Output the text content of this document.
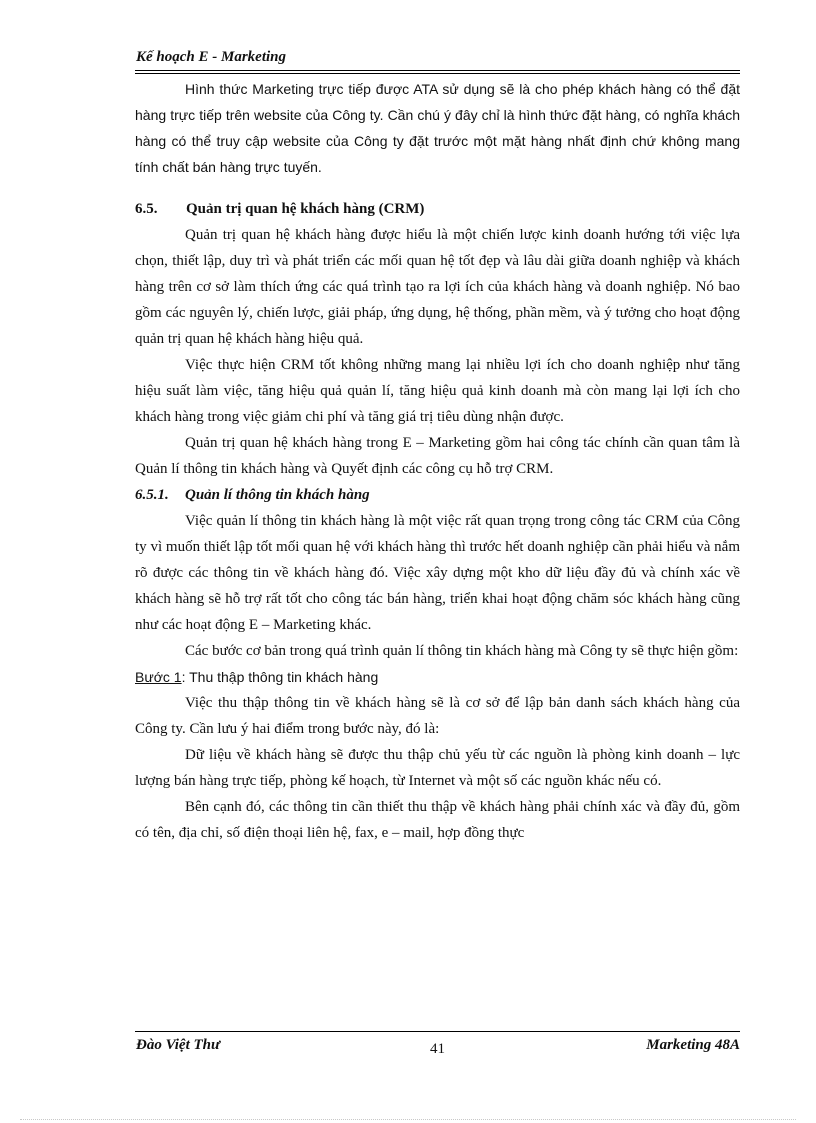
Kế hoạch E - Marketing

Hình thức Marketing trực tiếp được ATA sử dụng sẽ là cho phép khách hàng có thể đặt hàng trực tiếp trên website của Công ty. Cần chú ý đây chỉ là hình thức đặt hàng, có nghĩa khách hàng có thể truy cập website của Công ty đặt trước một mặt hàng nhất định chứ không mang tính chất bán hàng trực tuyến.

6.5. Quản trị quan hệ khách hàng (CRM)

Quản trị quan hệ khách hàng được hiểu là một chiến lược kinh doanh hướng tới việc lựa chọn, thiết lập, duy trì và phát triển các mối quan hệ tốt đẹp và lâu dài giữa doanh nghiệp và khách hàng trên cơ sở làm thích ứng các quá trình tạo ra lợi ích của khách hàng và doanh nghiệp. Nó bao gồm các nguyên lý, chiến lược, giải pháp, ứng dụng, hệ thống, phần mềm, và ý tưởng cho hoạt động quản trị quan hệ khách hàng hiệu quả.

Việc thực hiện CRM tốt không những mang lại nhiều lợi ích cho doanh nghiệp như tăng hiệu suất làm việc, tăng hiệu quả quản lí, tăng hiệu quả kinh doanh mà còn mang lại lợi ích cho khách hàng trong việc giảm chi phí và tăng giá trị tiêu dùng nhận được.

Quản trị quan hệ khách hàng trong E – Marketing gồm hai công tác chính cần quan tâm là Quản lí thông tin khách hàng và Quyết định các công cụ hỗ trợ CRM.

6.5.1. Quản lí thông tin khách hàng

Việc quản lí thông tin khách hàng là một việc rất quan trọng trong công tác CRM của Công ty vì muốn thiết lập tốt mối quan hệ với khách hàng thì trước hết doanh nghiệp cần phải hiểu và nắm rõ được các thông tin về khách hàng đó. Việc xây dựng một kho dữ liệu đầy đủ và chính xác về khách hàng sẽ hỗ trợ rất tốt cho công tác bán hàng, triển khai hoạt động chăm sóc khách hàng cũng như các hoạt động E – Marketing khác.

Các bước cơ bản trong quá trình quản lí thông tin khách hàng mà Công ty sẽ thực hiện gồm:

Bước 1: Thu thập thông tin khách hàng

Việc thu thập thông tin về khách hàng sẽ là cơ sở để lập bản danh sách khách hàng của Công ty. Cần lưu ý hai điểm trong bước này, đó là:

Dữ liệu về khách hàng sẽ được thu thập chủ yếu từ các nguồn là phòng kinh doanh – lực lượng bán hàng trực tiếp, phòng kế hoạch, từ Internet và một số các nguồn khác nếu có.

Bên cạnh đó, các thông tin cần thiết thu thập về khách hàng phải chính xác và đầy đủ, gồm có tên, địa chỉ, số điện thoại liên hệ, fax, e – mail, hợp đồng thực

Đào Việt Thư	41	Marketing 48A
